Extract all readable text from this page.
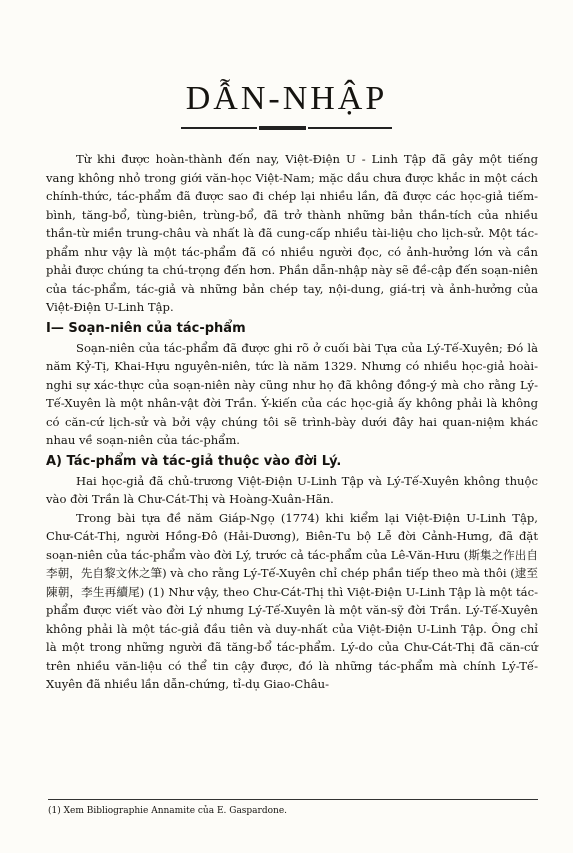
DẪN-NHẬP

Từ khi được hoàn-thành đến nay, Việt-Điện U - Linh Tập đã gây một tiếng vang không nhỏ trong giới văn-học Việt-Nam; mặc dầu chưa được khắc in một cách chính-thức, tác-phẩm đã được sao đi chép lại nhiều lần, đã được các học-giả tiếm-bình, tăng-bổ, tùng-biên, trùng-bổ, đã trở thành những bản thần-tích của nhiều thần-từ miền trung-châu và nhất là đã cung-cấp nhiều tài-liệu cho lịch-sử. Một tác-phẩm như vậy là một tác-phẩm đã có nhiều người đọc, có ảnh-hưởng lớn và cần phải được chúng ta chú-trọng đến hơn. Phần dẫn-nhập này sẽ đề-cập đến soạn-niên của tác-phẩm, tác-giả và những bản chép tay, nội-dung, giá-trị và ảnh-hưởng của Việt-Điện U-Linh Tập.

I— Soạn-niên của tác-phẩm

Soạn-niên của tác-phẩm đã được ghi rõ ở cuối bài Tựa của Lý-Tế-Xuyên; Đó là năm Kỷ-Tị, Khai-Hựu nguyên-niên, tức là năm 1329. Nhưng có nhiều học-giả hoài-nghi sự xác-thực của soạn-niên này cũng như họ đã không đồng-ý mà cho rằng Lý-Tế-Xuyên là một nhân-vật đời Trần. Ý-kiến của các học-giả ấy không phải là không có căn-cứ lịch-sử và bởi vậy chúng tôi sẽ trình-bày dưới đây hai quan-niệm khác nhau về soạn-niên của tác-phẩm.

A) Tác-phẩm và tác-giả thuộc vào đời Lý.

Hai học-giả đã chủ-trương Việt-Điện U-Linh Tập và Lý-Tế-Xuyên không thuộc vào đời Trần là Chư-Cát-Thị và Hoàng-Xuân-Hãn.

Trong bài tựa đề năm Giáp-Ngọ (1774) khi kiểm lại Việt-Điện U-Linh Tập, Chư-Cát-Thị, người Hồng-Đô (Hải-Dương), Biên-Tu bộ Lễ đời Cảnh-Hưng, đã đặt soạn-niên của tác-phẩm vào đời Lý, trước cả tác-phẩm của Lê-Văn-Hưu (斯集之作出自李朝，先自黎文休之筆) và cho rằng Lý-Tế-Xuyên chỉ chép phần tiếp theo mà thôi (逮至陳朝，李生再續尾) (1) Như vậy, theo Chư-Cát-Thị thì Việt-Điện U-Linh Tập là một tác-phẩm được viết vào đời Lý nhưng Lý-Tế-Xuyên là một văn-sỹ đời Trần. Lý-Tế-Xuyên không phải là một tác-giả đầu tiên và duy-nhất của Việt-Điện U-Linh Tập. Ông chỉ là một trong những người đã tăng-bổ tác-phẩm. Lý-do của Chư-Cát-Thị đã căn-cứ trên nhiều văn-liệu có thể tin cậy được, đó là những tác-phẩm mà chính Lý-Tế-Xuyên đã nhiều lần dẫn-chứng, tỉ-dụ Giao-Châu-

(1) Xem Bibliographie Annamite của E. Gaspardone.
